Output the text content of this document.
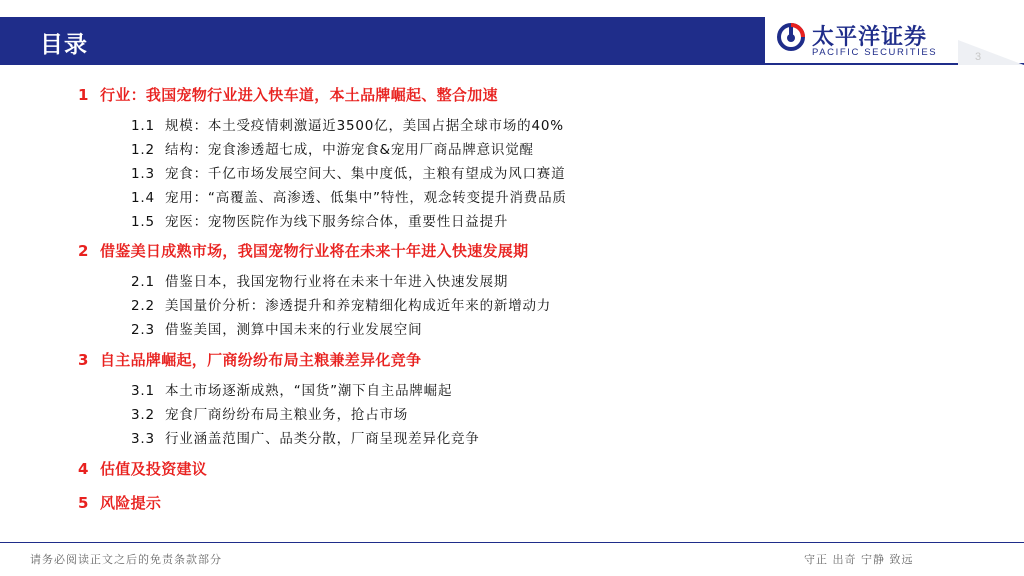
目录	太平洋证券
PACIFIC SECURITIES	3
1 行业：我国宠物行业进入快车道，本土品牌崛起、整合加速
1.1 规模：本土受疫情刺激逼近3500亿，美国占据全球市场的40%
1.2 结构：宠食渗透超七成，中游宠食&宠用厂商品牌意识觉醒
1.3 宠食：千亿市场发展空间大、集中度低，主粮有望成为风口赛道
1.4 宠用：“高覆盖、高渗透、低集中”特性，观念转变提升消费品质
1.5 宠医：宠物医院作为线下服务综合体，重要性日益提升
2 借鉴美日成熟市场，我国宠物行业将在未来十年进入快速发展期
2.1 借鉴日本，我国宠物行业将在未来十年进入快速发展期
2.2 美国量价分析：渗透提升和养宠精细化构成近年来的新增动力
2.3 借鉴美国，测算中国未来的行业发展空间
3 自主品牌崛起，厂商纷纷布局主粮兼差异化竞争
3.1 本土市场逐渐成熟，“国货”潮下自主品牌崛起
3.2 宠食厂商纷纷布局主粮业务，抢占市场
3.3 行业涵盖范围广、品类分散，厂商呈现差异化竞争
4 估值及投资建议
5 风险提示
请务必阅读正文之后的免责条款部分	守正 出奇 宁静 致远
